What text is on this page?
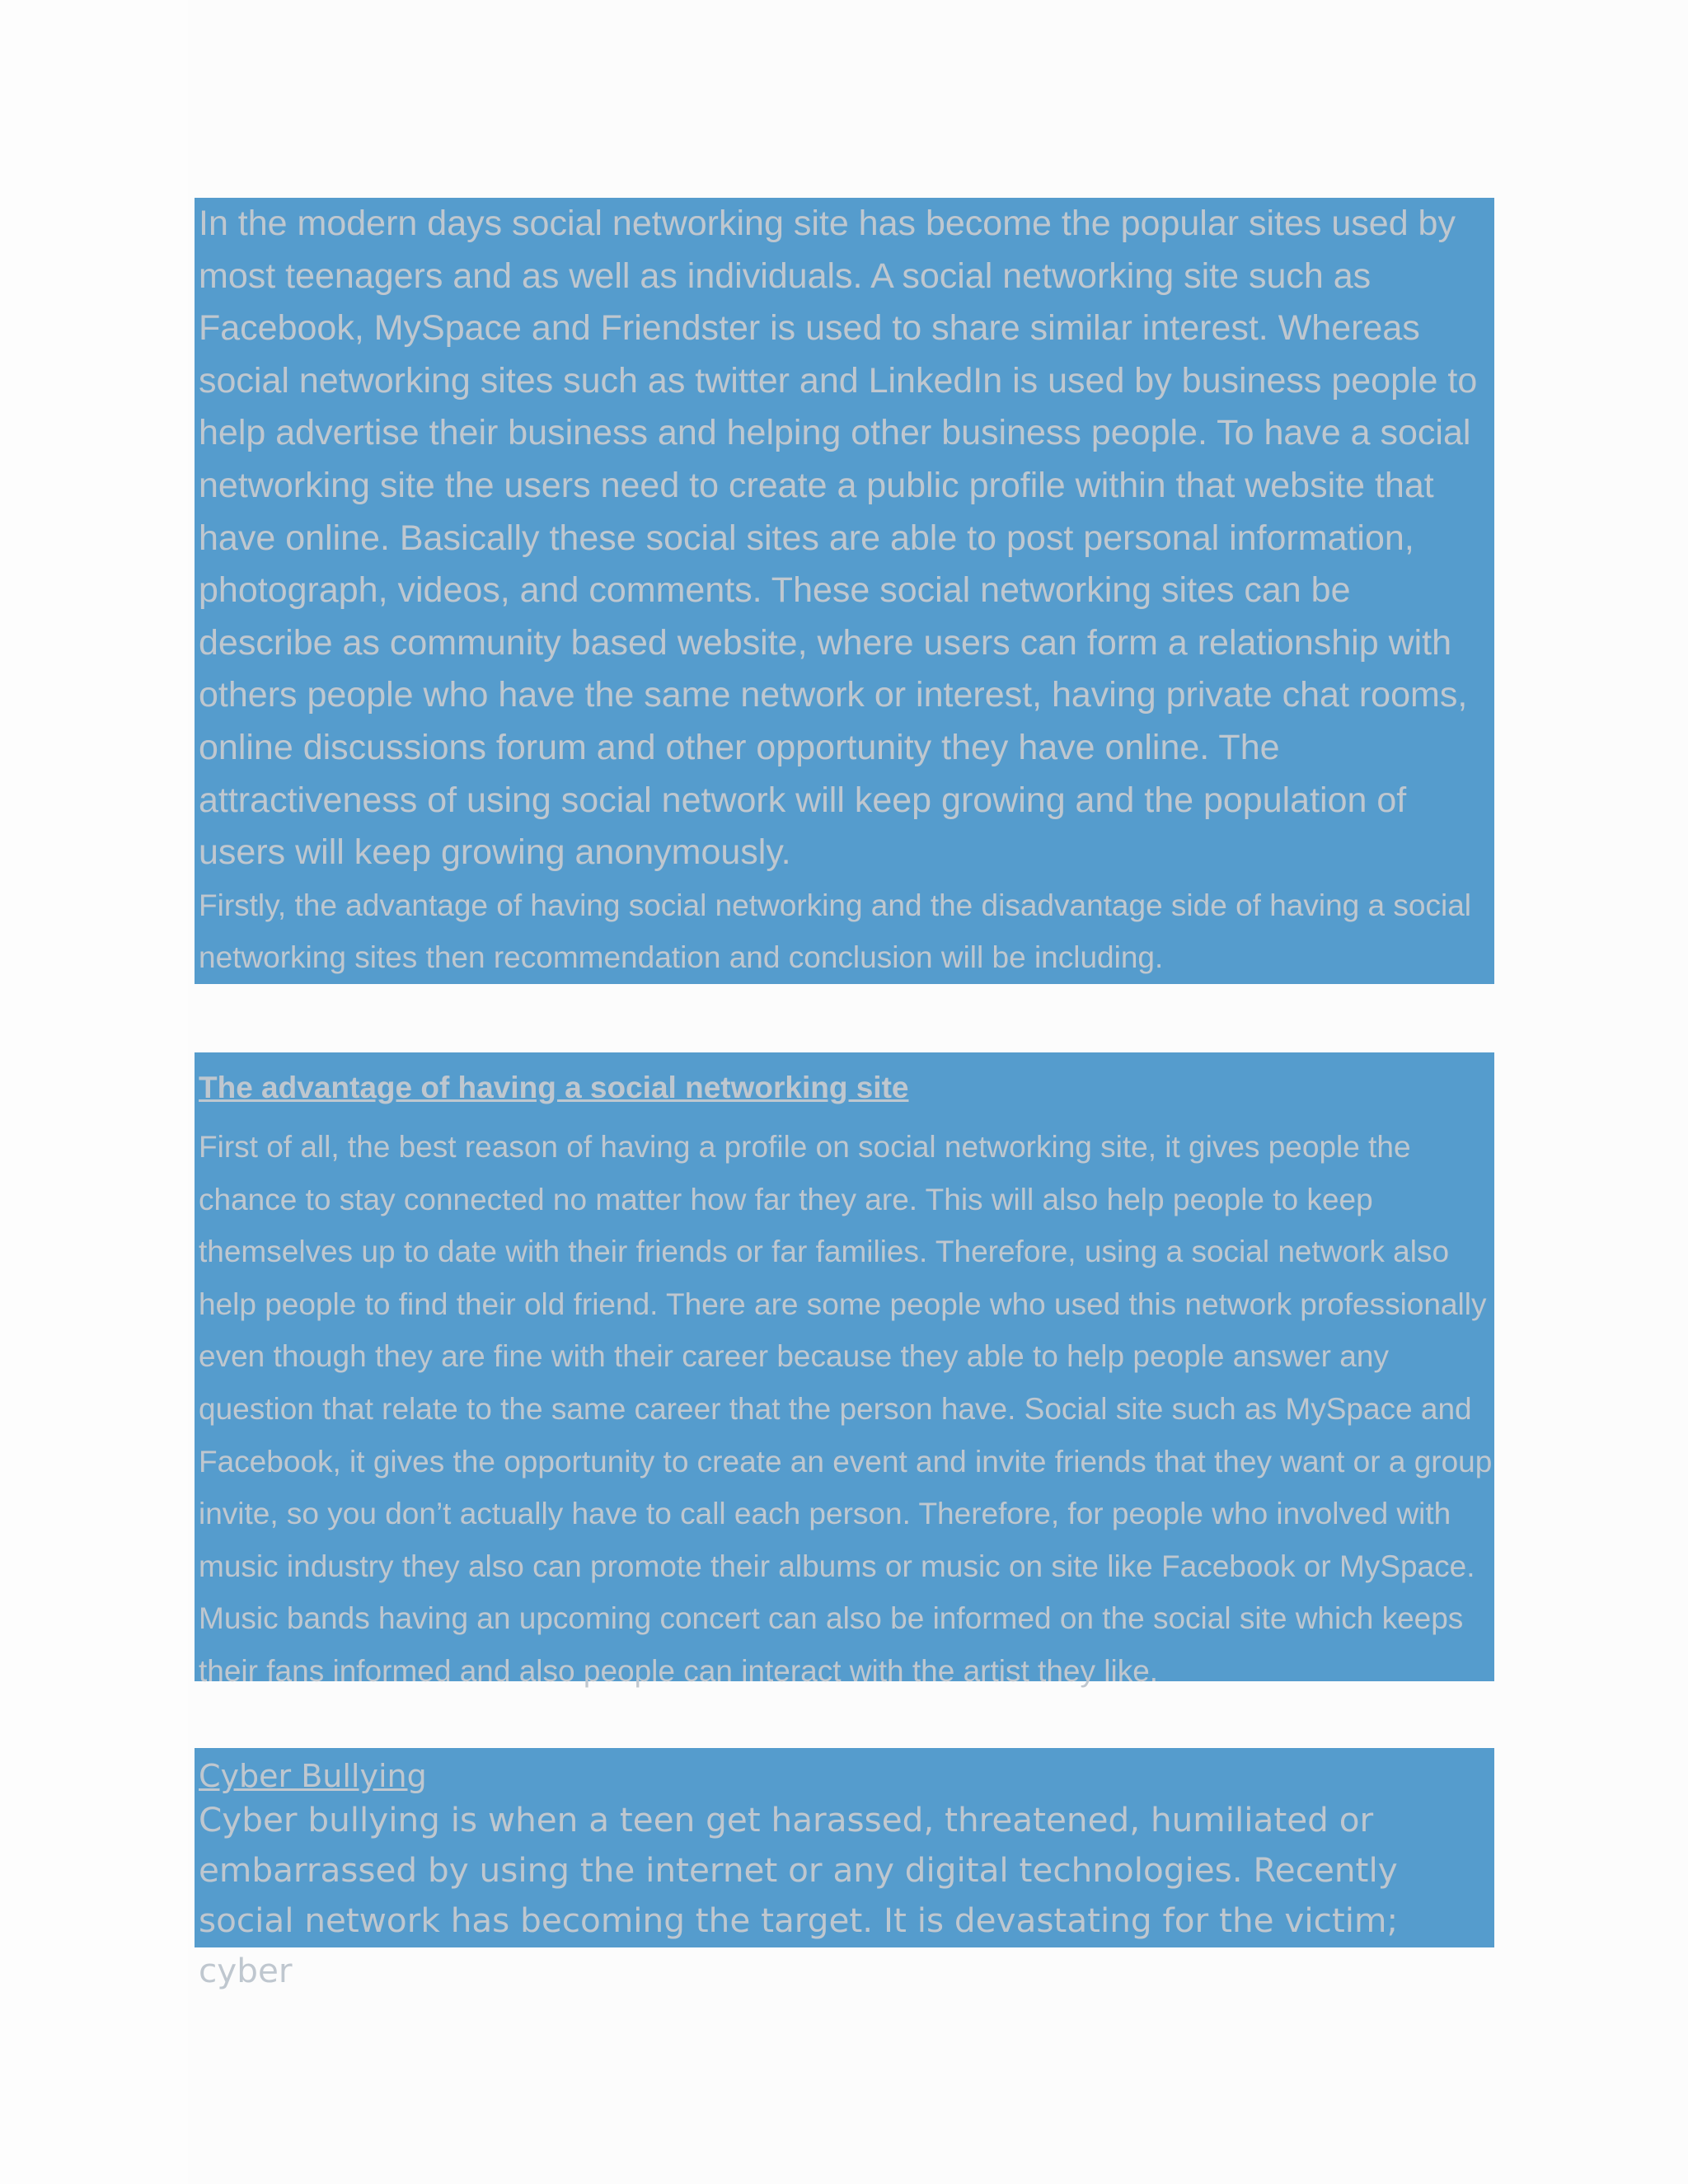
In the modern days social networking site has become the popular sites used by most teenagers and as well as individuals. A social networking site such as Facebook, MySpace and Friendster is used to share similar interest. Whereas social networking sites such as twitter and LinkedIn is used by business people to help advertise their business and helping other business people. To have a social networking site the users need to create a public profile within that website that have online. Basically these social sites are able to post personal information, photograph, videos, and comments. These social networking sites can be describe as community based website, where users can form a relationship with others people who have the same network or interest, having private chat rooms, online discussions forum and other opportunity they have online. The attractiveness of using social network will keep growing and the population of users will keep growing anonymously.

Firstly, the advantage of having social networking and the disadvantage side of having a social networking sites then recommendation and conclusion will be including.

The advantage of having a social networking site

First of all, the best reason of having a profile on social networking site, it gives people the chance to stay connected no matter how far they are. This will also help people to keep themselves up to date with their friends or far families. Therefore, using a social network also help people to find their old friend. There are some people who used this network professionally even though they are fine with their career because they able to help people answer any question that relate to the same career that the person have. Social site such as MySpace and Facebook, it gives the opportunity to create an event and invite friends that they want or a group invite, so you don’t actually have to call each person. Therefore, for people who involved with music industry they also can promote their albums or music on site like Facebook or MySpace. Music bands having an upcoming concert can also be informed on the social site which keeps their fans informed and also people can interact with the artist they like.

Cyber Bullying

Cyber bullying is when a teen get harassed, threatened, humiliated or embarrassed by using the internet or any digital technologies. Recently social network has becoming the target. It is devastating for the victim; cyber
